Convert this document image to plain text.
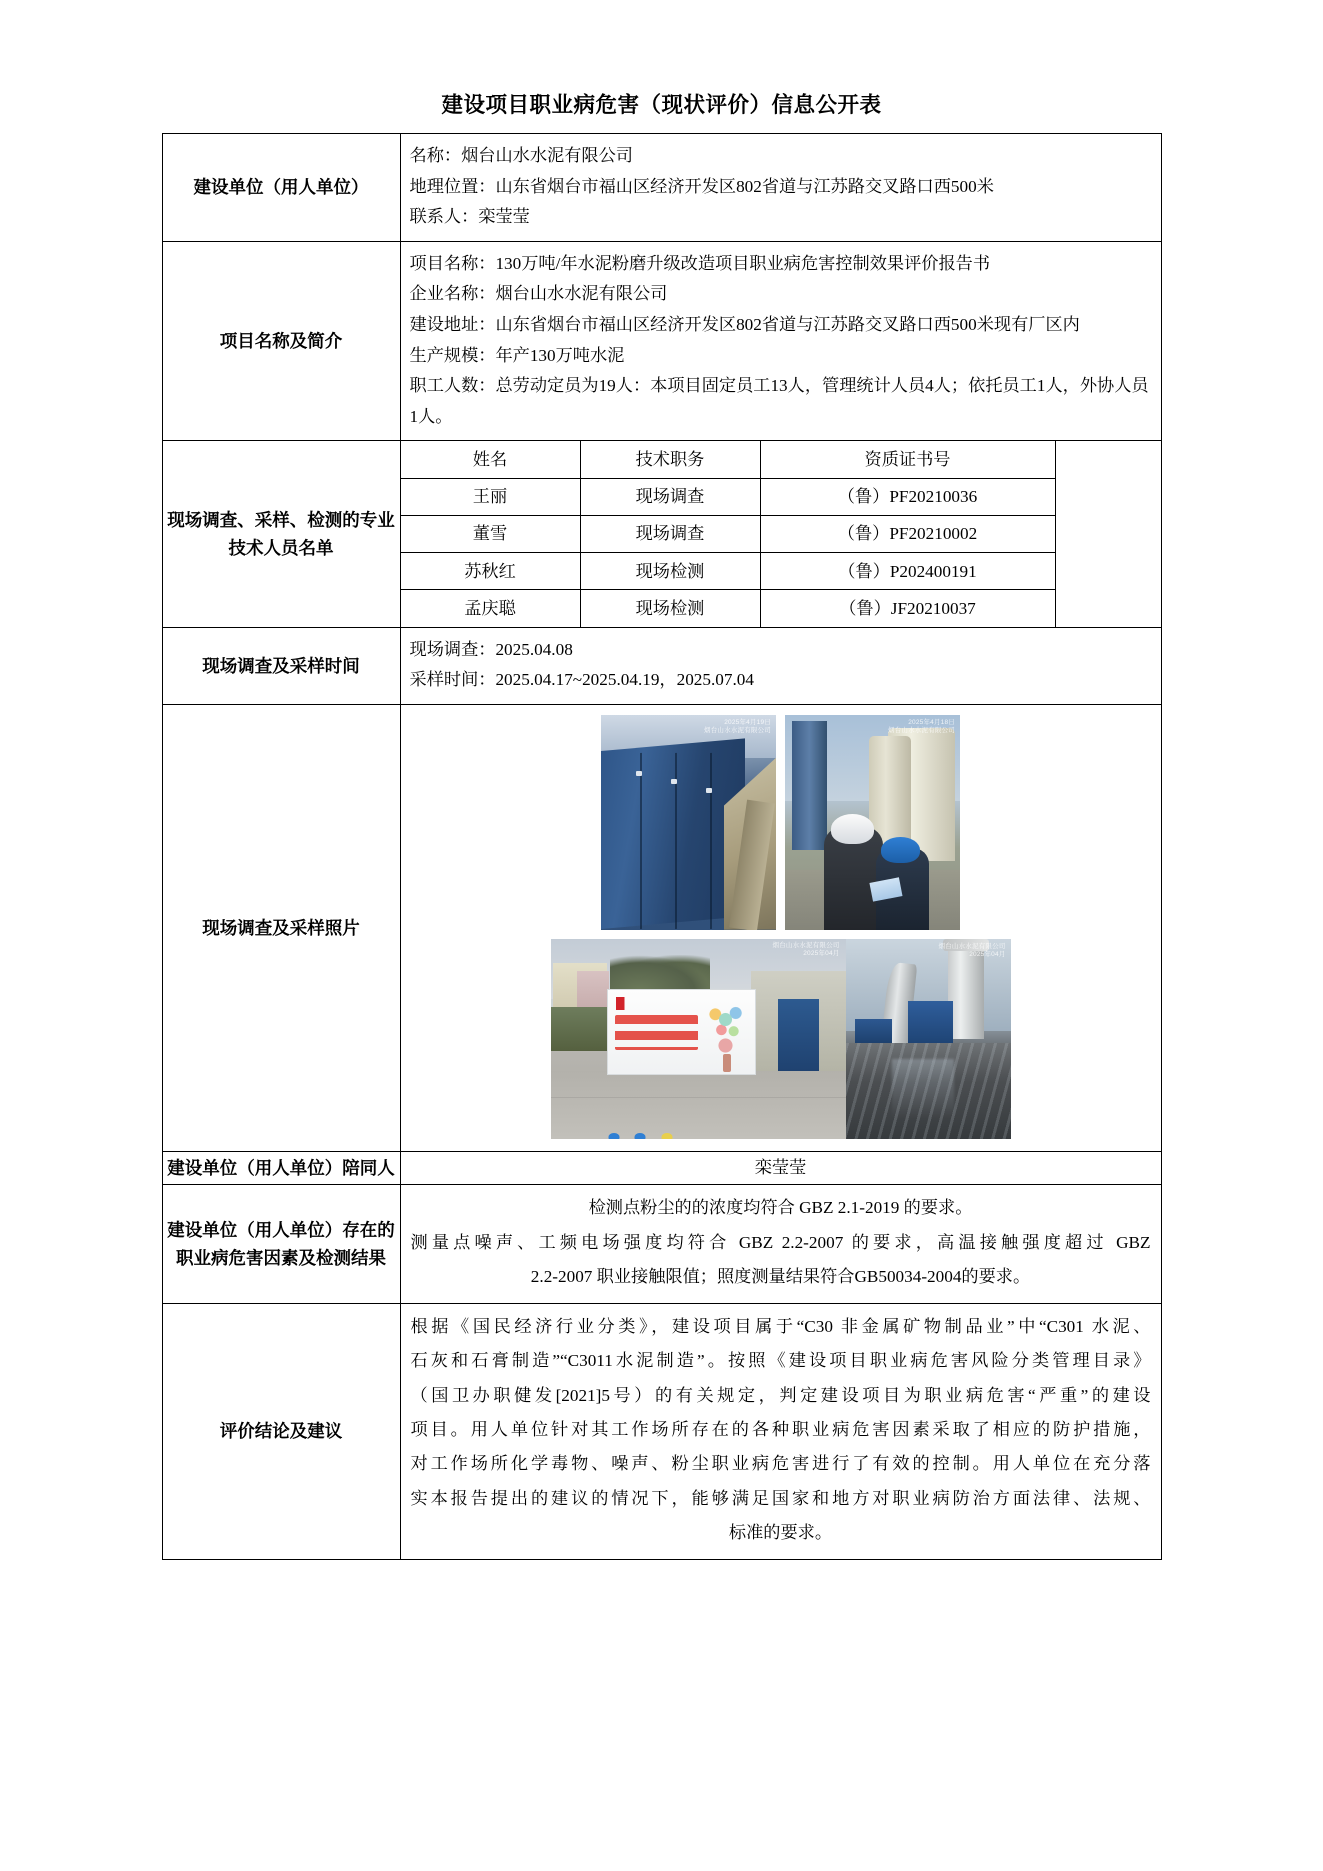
建设项目职业病危害（现状评价）信息公开表
建设单位（用人单位）	
名称：烟台山水水泥有限公司
地理位置：山东省烟台市福山区经济开发区802省道与江苏路交叉路口西500米
联系人：栾莹莹

项目名称及简介	
项目名称：130万吨/年水泥粉磨升级改造项目职业病危害控制效果评价报告书
企业名称：烟台山水水泥有限公司
建设地址：山东省烟台市福山区经济开发区802省道与江苏路交叉路口西500米现有厂区内
生产规模：年产130万吨水泥
职工人数：总劳动定员为19人：本项目固定员工13人，管理统计人员4人；依托员工1人，外协人员1人。

现场调查、采样、检测的专业技术人员名单	
姓名	技术职务	资质证书号	
王丽	现场调查	（鲁）PF20210036	
董雪	现场调查	（鲁）PF20210002	
苏秋红	现场检测	（鲁）P202400191	
孟庆聪	现场检测	（鲁）JF20210037	

现场调查及采样时间	
现场调查：2025.04.08
采样时间：2025.04.17~2025.04.19，2025.07.04

现场调查及采样照片	
2025年4月19日
烟台山水水泥有限公司
2025年4月18日
烟台山水水泥有限公司
烟台山水水泥有限公司
2025年04月
烟台山水水泥有限公司
2025年04月

建设单位（用人单位）陪同人	栾莹莹
建设单位（用人单位）存在的职业病危害因素及检测结果	
检测点粉尘的的浓度均符合 GBZ 2.1-2019 的要求。
测量点噪声、工频电场强度均符合 GBZ 2.2-2007 的要求，高温接触强度超过 GBZ
2.2-2007 职业接触限值；照度测量结果符合GB50034-2004的要求。

评价结论及建议	
根据《国民经济行业分类》，建设项目属于“C30 非金属矿物制品业”中“C301 水泥、
石灰和石膏制造”“C3011水泥制造”。按照《建设项目职业病危害风险分类管理目录》
（国卫办职健发[2021]5号）的有关规定，判定建设项目为职业病危害“严重”的建设
项目。用人单位针对其工作场所存在的各种职业病危害因素采取了相应的防护措施，
对工作场所化学毒物、噪声、粉尘职业病危害进行了有效的控制。用人单位在充分落
实本报告提出的建议的情况下，能够满足国家和地方对职业病防治方面法律、法规、
标准的要求。
